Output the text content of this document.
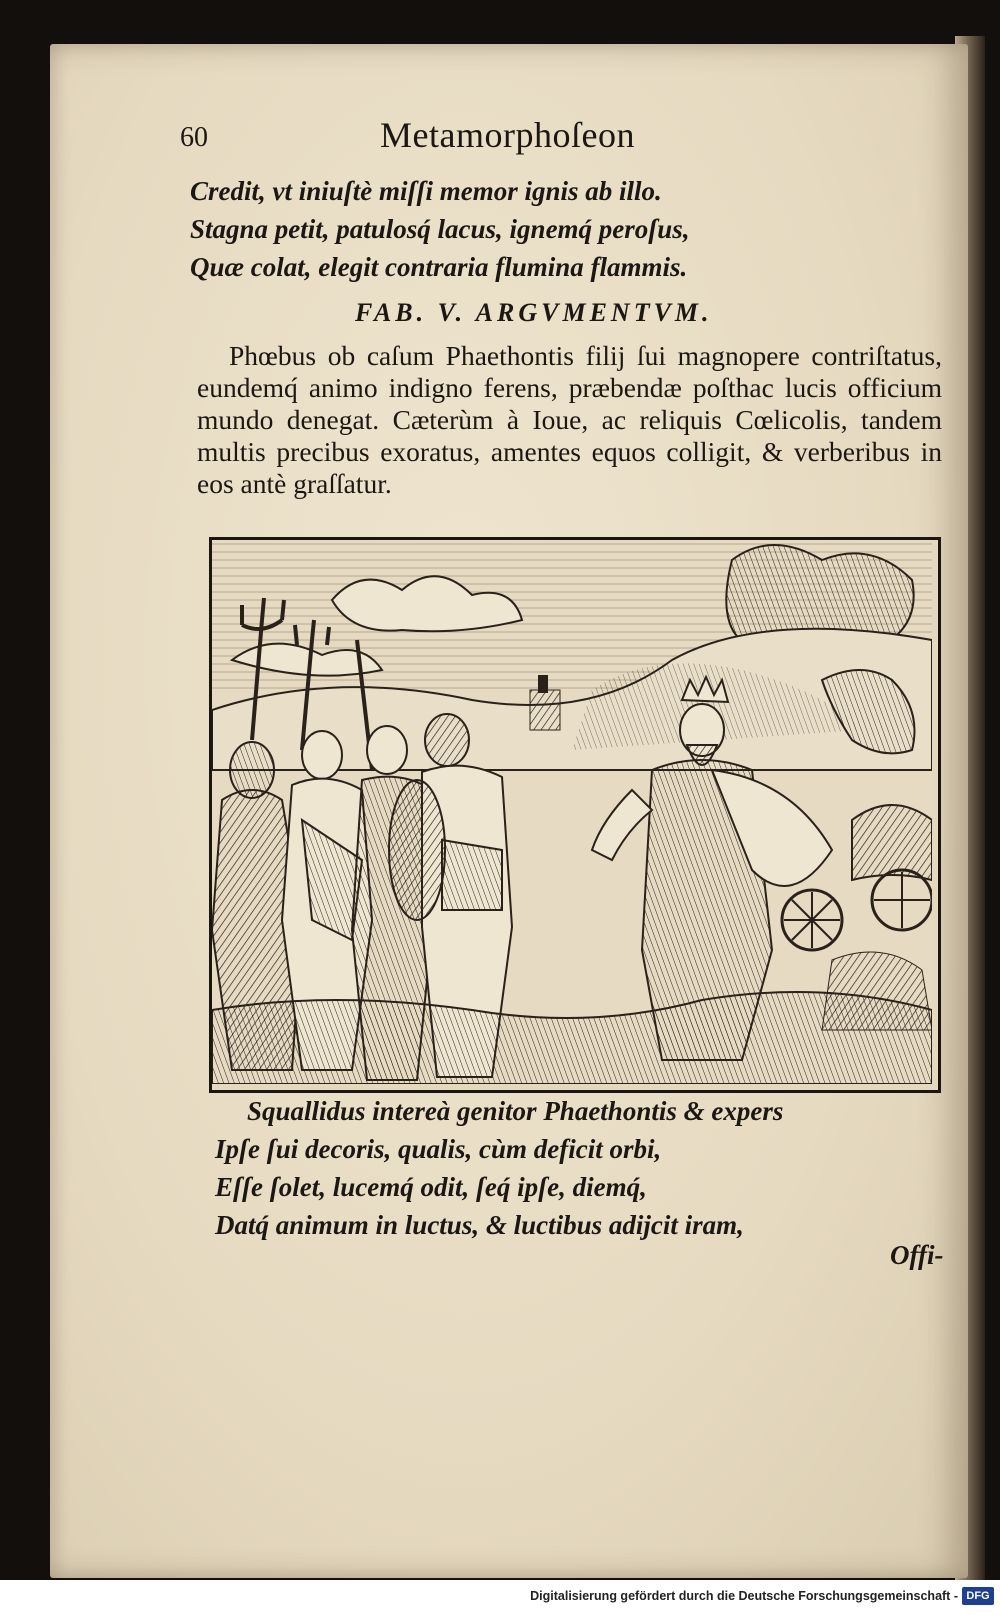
60	Metamorphoſeon
Credit, vt iniuſtè miſſi memor ignis ab illo.
Stagna petit, patulosq́ lacus, ignemq́ peroſus,
Quæ colat, elegit contraria flumina flammis.
FAB. V. ARGVMENTVM.

Phœbus ob caſum Phaethontis filij ſui magnopere contriſtatus, eundemq́ animo indigno ferens, præbendæ poſthac lucis officium mundo denegat. Cæterùm à Ioue, ac reliquis Cœlicolis, tandem multis precibus exoratus, amentes equos colligit, & verberibus in eos antè graſſatur.

Squallidus intereà genitor Phaethontis & expers
Ipſe ſui decoris, qualis, cùm deficit orbi,
Eſſe ſolet, lucemq́ odit, ſeq́ ipſe, diemq́,
Datq́ animum in luctus, & luctibus adijcit iram,
Offi-
Digitalisierung gefördert durch die Deutsche Forschungsgemeinschaft - DFG
